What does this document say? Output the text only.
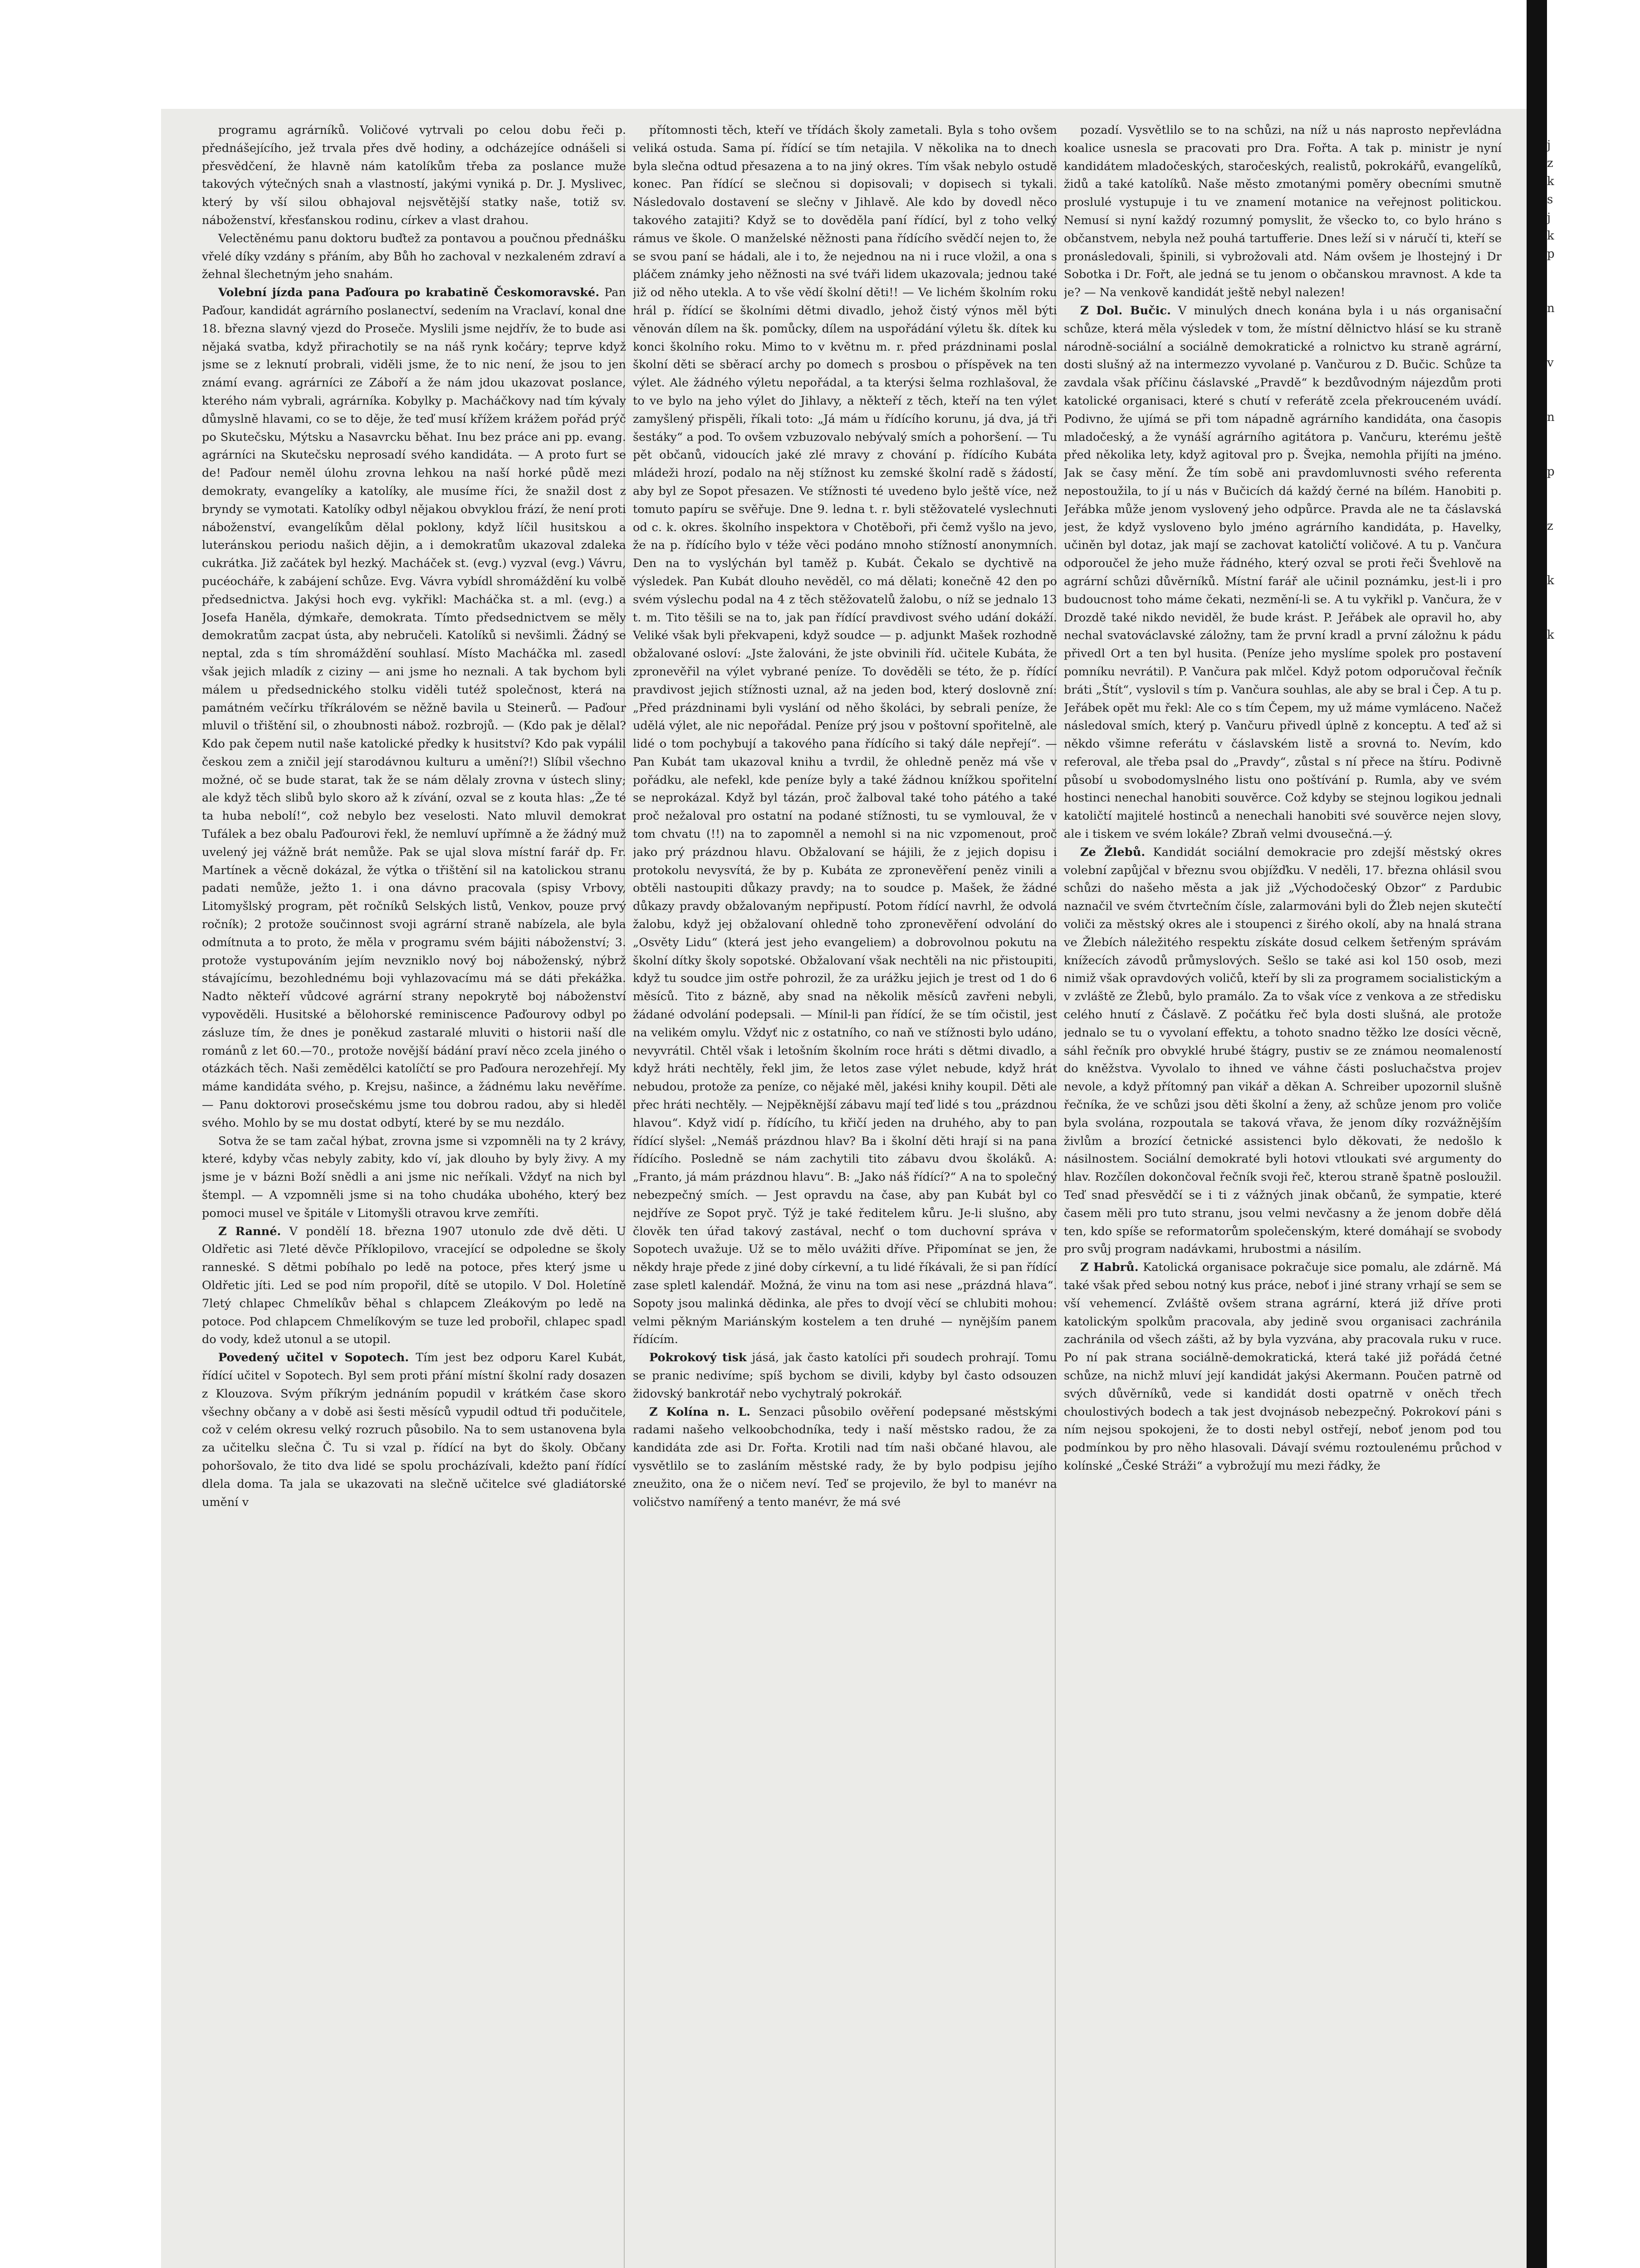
programu agrárníků. Voličové vytrvali po celou dobu řeči p. přednášejícího, jež trvala přes dvě hodiny, a odcházejíce odnášeli si přesvědčení, že hlavně nám katolíkům třeba za poslance muže takových výtečných snah a vlastností, jakými vyniká p. Dr. J. Myslivec, který by vší silou obhajoval nejsvětější statky naše, totiž sv. náboženství, křesťanskou rodinu, církev a vlast drahou.

Velectěnému panu doktoru buďtež za pontavou a poučnou přednášku vřelé díky vzdány s přáním, aby Bůh ho zachoval v nezkaleném zdraví a žehnal šlechetným jeho snahám.

Volební jízda pana Paďoura po krabatině Českomoravské. Pan Paďour, kandidát agrárního poslanectví, sedením na Vraclaví, konal dne 18. března slavný vjezd do Proseče. Myslili jsme nejdřív, že to bude asi nějaká svatba, když přirachotily se na náš rynk kočáry; teprve když jsme se z leknutí probrali, viděli jsme, že to nic není, že jsou to jen známí evang. agrárníci ze Záboří a že nám jdou ukazovat poslance, kterého nám vybrali, agrárníka. Kobylky p. Macháčkovy nad tím kývaly důmyslně hlavami, co se to děje, že teď musí křížem krážem pořád prýč po Skutečsku, Mýtsku a Nasavrcku běhat. Inu bez práce ani pp. evang. agrárníci na Skutečsku neprosadí svého kandidáta. — A proto furt se de! Paďour neměl úlohu zrovna lehkou na naší horké půdě mezi demokraty, evangelíky a katolíky, ale musíme říci, že snažil dost z bryndy se vymotati. Katolíky odbyl nějakou obvyklou frází, že není proti náboženství, evangelíkům dělal poklony, když líčil husitskou a luteránskou periodu našich dějin, a i demokratům ukazoval zdaleka cukrátka. Již začátek byl hezký. Macháček st. (evg.) vyzval (evg.) Vávru, pucéocháře, k zabájení schůze. Evg. Vávra vybídl shromáždění ku volbě předsednictva. Jakýsi hoch evg. vykřikl: Macháčka st. a ml. (evg.) a Josefa Haněla, dýmkaře, demokrata. Tímto předsednictvem se měly demokratům zacpat ústa, aby nebručeli. Katolíků si nevšimli. Žádný se neptal, zda s tím shromáždění souhlasí. Místo Macháčka ml. zasedl však jejich mladík z ciziny — ani jsme ho neznali. A tak bychom byli málem u předsednického stolku viděli tutéž společnost, která na památném večírku tříkrálovém se něžně bavila u Steinerů. — Paďour mluvil o třištění sil, o zhoubnosti nábož. rozbrojů. — (Kdo pak je dělal? Kdo pak čepem nutil naše katolické předky k husitství? Kdo pak vypálil českou zem a zničil její starodávnou kulturu a umění?!) Slíbil všechno možné, oč se bude starat, tak že se nám dělaly zrovna v ústech sliny; ale když těch slibů bylo skoro až k zívání, ozval se z kouta hlas: „Že té ta huba nebolí!“, což nebylo bez veselosti. Nato mluvil demokrat Tufálek a bez obalu Paďourovi řekl, že nemluví upřímně a že žádný muž uvelený jej vážně brát nemůže. Pak se ujal slova místní farář dp. Fr. Martínek a věcně dokázal, že výtka o třištění sil na katolickou stranu padati nemůže, ježto 1. i ona dávno pracovala (spisy Vrbovy, Litomyšlský program, pět ročníků Selských listů, Venkov, pouze prvý ročník); 2 protože součinnost svoji agrární straně nabízela, ale byla odmítnuta a to proto, že měla v programu svém bájiti náboženství; 3. protože vystupováním jejím nevzniklo nový boj náboženský, nýbrž stávajícímu, bezohlednému boji vyhlazovacímu má se dáti překážka. Nadto někteří vůdcové agrární strany nepokrytě boj náboženství vypověděli. Husitské a bělohorské reminiscence Paďourovy odbyl po zásluze tím, že dnes je poněkud zastaralé mluviti o historii naší dle románů z let 60.—70., protože novější bádání praví něco zcela jiného o otázkách těch. Naši zemědělci katolíčtí se pro Paďoura nerozehřejí. My máme kandidáta svého, p. Krejsu, našince, a žádnému laku nevěříme. — Panu doktorovi prosečskému jsme tou dobrou radou, aby si hleděl svého. Mohlo by se mu dostat odbytí, které by se mu nezdálo.

Sotva že se tam začal hýbat, zrovna jsme si vzpomněli na ty 2 krávy, které, kdyby včas nebyly zabity, kdo ví, jak dlouho by byly živy. A my jsme je v bázni Boží snědli a ani jsme nic neříkali. Vždyť na nich byl štempl. — A vzpomněli jsme si na toho chudáka ubohého, který bez pomoci musel ve špitále v Litomyšli otravou krve zemříti.

Z Ranné. V pondělí 18. března 1907 utonulo zde dvě děti. U Oldřetic asi 7leté děvče Příklopilovo, vracející se odpoledne se školy ranneské. S dětmi pobíhalo po ledě na potoce, přes který jsme u Oldřetic jíti. Led se pod ním propořil, dítě se utopilo. V Dol. Holetíně 7letý chlapec Chmelíkův běhal s chlapcem Zleákovým po ledě na potoce. Pod chlapcem Chmelíkovým se tuze led probořil, chlapec spadl do vody, kdež utonul a se utopil.

Povedený učitel v Sopotech. Tím jest bez odporu Karel Kubát, řídící učitel v Sopotech. Byl sem proti přání místní školní rady dosazen z Klouzova. Svým příkrým jednáním popudil v krátkém čase skoro všechny občany a v době asi šesti měsíců vypudil odtud tři podučitele, což v celém okresu velký rozruch působilo. Na to sem ustanovena byla za učitelku slečna Č. Tu si vzal p. řídící na byt do školy. Občany pohoršovalo, že tito dva lidé se spolu procházívali, kdežto paní řídící dlela doma. Ta jala se ukazovati na slečně učitelce své gladiátorské umění v

přítomnosti těch, kteří ve třídách školy zametali. Byla s toho ovšem veliká ostuda. Sama pí. řídící se tím netajila. V několika na to dnech byla slečna odtud přesazena a to na jiný okres. Tím však nebylo ostudě konec. Pan řídící se slečnou si dopisovali; v dopisech si tykali. Následovalo dostavení se slečny v Jihlavě. Ale kdo by dovedl něco takového zatajiti? Když se to dověděla paní řídící, byl z toho velký rámus ve škole. O manželské něžnosti pana řídícího svědčí nejen to, že se svou paní se hádali, ale i to, že nejednou na ni i ruce vložil, a ona s pláčem známky jeho něžnosti na své tváři lidem ukazovala; jednou také již od něho utekla. A to vše vědí školní děti!! — Ve lichém školním roku hrál p. řídící se školními dětmi divadlo, jehož čistý výnos měl býti věnován dílem na šk. pomůcky, dílem na uspořádání výletu šk. dítek ku konci školního roku. Mimo to v květnu m. r. před prázdninami poslal školní děti se sběrací archy po domech s prosbou o příspěvek na ten výlet. Ale žádného výletu nepořádal, a ta kterýsi šelma rozhlašoval, že to ve bylo na jeho výlet do Jihlavy, a někteří z těch, kteří na ten výlet zamyšlený přispěli, říkali toto: „Já mám u řídícího korunu, já dva, já tři šestáky“ a pod. To ovšem vzbuzovalo nebývalý smích a pohoršení. — Tu pět občanů, vidoucích jaké zlé mravy z chování p. řídícího Kubáta mládeži hrozí, podalo na něj stížnost ku zemské školní radě s žádostí, aby byl ze Sopot přesazen. Ve stížnosti té uvedeno bylo ještě více, než tomuto papíru se svěřuje. Dne 9. ledna t. r. byli stěžovatelé vyslechnuti od c. k. okres. školního inspektora v Chotěboři, při čemž vyšlo na jevo, že na p. řídícího bylo v téže věci podáno mnoho stížností anonymních. Den na to vyslýchán byl taměž p. Kubát. Čekalo se dychtivě na výsledek. Pan Kubát dlouho nevěděl, co má dělati; konečně 42 den po svém výslechu podal na 4 z těch stěžovatelů žalobu, o níž se jednalo 13 t. m. Tito těšili se na to, jak pan řídící pravdivost svého udání dokáží. Veliké však byli překvapeni, když soudce — p. adjunkt Mašek rozhodně obžalované osloví: „Jste žalováni, že jste obvinili říd. učitele Kubáta, že zpronevěřil na výlet vybrané peníze. To dověděli se této, že p. řídící pravdivost jejich stížnosti uznal, až na jeden bod, který doslovně zní: „Před prázdninami byli vyslání od něho školáci, by sebrali peníze, že udělá výlet, ale nic nepořádal. Peníze prý jsou v poštovní spořitelně, ale lidé o tom pochybují a takového pana řídícího si taký dále nepřejí“. — Pan Kubát tam ukazoval knihu a tvrdil, že ohledně peněz má vše v pořádku, ale nefekl, kde peníze byly a také žádnou knížkou spořitelní se neprokázal. Když byl tázán, proč žalboval také toho pátého a také proč nežaloval pro ostatní na podané stížnosti, tu se vymlouval, že v tom chvatu (!!) na to zapomněl a nemohl si na nic vzpomenout, proč jako prý prázdnou hlavu. Obžalovaní se hájili, že z jejich dopisu i protokolu nevysvítá, že by p. Kubáta ze zpronevěření peněz vinili a obtěli nastoupiti důkazy pravdy; na to soudce p. Mašek, že žádné důkazy pravdy obžalovaným nepřipustí. Potom řídící navrhl, že odvolá žalobu, když jej obžalovaní ohledně toho zpronevěření odvolání do „Osvěty Lidu“ (která jest jeho evangeliem) a dobrovolnou pokutu na školní dítky školy sopotské. Obžalovaní však nechtěli na nic přistoupiti, když tu soudce jim ostře pohrozil, že za urážku jejich je trest od 1 do 6 měsíců. Tito z bázně, aby snad na několik měsíců zavřeni nebyli, žádané odvolání podepsali. — Mínil-li pan řídící, že se tím očistil, jest na velikém omylu. Vždyť nic z ostatního, co naň ve stížnosti bylo udáno, nevyvrátil. Chtěl však i letošním školním roce hráti s dětmi divadlo, a když hráti nechtěly, řekl jim, že letos zase výlet nebude, když hrát nebudou, protože za peníze, co nějaké měl, jakési knihy koupil. Děti ale přec hráti nechtěly. — Nejpěknější zábavu mají teď lidé s tou „prázdnou hlavou“. Když vidí p. řídícího, tu křičí jeden na druhého, aby to pan řídící slyšel: „Nemáš prázdnou hlav? Ba i školní děti hrají si na pana řídícího. Posledně se nám zachytili tito zábavu dvou školáků. A: „Franto, já mám prázdnou hlavu“. B: „Jako náš řídící?“ A na to společný nebezpečný smích. — Jest opravdu na čase, aby pan Kubát byl co nejdříve ze Sopot pryč. Týž je také ředitelem kůru. Je-li slušno, aby člověk ten úřad takový zastával, nechť o tom duchovní správa v Sopotech uvažuje. Už se to mělo uvážiti dříve. Připomínat se jen, že někdy hraje přede z jiné doby církevní, a tu lidé říkávali, že si pan řídící zase spletl kalendář. Možná, že vinu na tom asi nese „prázdná hlava“. Sopoty jsou malinká dědinka, ale přes to dvojí věcí se chlubiti mohou: velmi pěkným Mariánským kostelem a ten druhé — nynějším panem řídícím.

Pokrokový tisk jásá, jak často katolíci při soudech prohrají. Tomu se pranic nedivíme; spíš bychom se divili, kdyby byl často odsouzen židovský bankrotář nebo vychytralý pokrokář.

Z Kolína n. L. Senzaci působilo ověření podepsané městskými radami našeho velkoobchodníka, tedy i naší městsko radou, že za kandidáta zde asi Dr. Fořta. Krotili nad tím naši občané hlavou, ale vysvětlilo se to zasláním městské rady, že by bylo podpisu jejího zneužito, ona že o ničem neví. Teď se projevilo, že byl to manévr na voličstvo namířený a tento manévr, že má své

pozadí. Vysvětlilo se to na schůzi, na níž u nás naprosto nepřevládna koalice usnesla se pracovati pro Dra. Fořta. A tak p. ministr je nyní kandidátem mladočeských, staročeských, realistů, pokrokářů, evangelíků, židů a také katolíků. Naše město zmotanými poměry obecními smutně proslulé vystupuje i tu ve znamení motanice na veřejnost politickou. Nemusí si nyní každý rozumný pomyslit, že všecko to, co bylo hráno s občanstvem, nebyla než pouhá tartufferie. Dnes leží si v náručí ti, kteří se pronásledovali, špinili, si vybrožovali atd. Nám ovšem je lhostejný i Dr Sobotka i Dr. Fořt, ale jedná se tu jenom o občanskou mravnost. A kde ta je? — Na venkově kandidát ještě nebyl nalezen!

Z Dol. Bučic. V minulých dnech konána byla i u nás organisační schůze, která měla výsledek v tom, že místní dělnictvo hlásí se ku straně národně-sociální a sociálně demokratické a rolnictvo ku straně agrární, dosti slušný až na intermezzo vyvolané p. Vančurou z D. Bučic. Schůze ta zavdala však příčinu čáslavské „Pravdě“ k bezdůvodným nájezdům proti katolické organisaci, které s chutí v referátě zcela překrouceném uvádí. Podivno, že ujímá se při tom nápadně agrárního kandidáta, ona časopis mladočeský, a že vynáší agrárního agitátora p. Vančuru, kterému ještě před několika lety, když agitoval pro p. Švejka, nemohla přijíti na jméno. Jak se časy mění. Že tím sobě ani pravdomluvnosti svého referenta nepostoužila, to jí u nás v Bučicích dá každý černé na bílém. Hanobiti p. Jeřábka může jenom vyslovený jeho odpůrce. Pravda ale ne ta čáslavská jest, že když vysloveno bylo jméno agrárního kandidáta, p. Havelky, učiněn byl dotaz, jak mají se zachovat katoličtí voličové. A tu p. Vančura odporoučel že jeho muže řádného, který ozval se proti řeči Švehlově na agrární schůzi důvěrníků. Místní farář ale učinil poznámku, jest-li i pro budoucnost toho máme čekati, nezmění-li se. A tu vykřikl p. Vančura, že v Drozdě také nikdo neviděl, že bude krást. P. Jeřábek ale opravil ho, aby nechal svatováclavské záložny, tam že první kradl a první záložnu k pádu přivedl Ort a ten byl husita. (Peníze jeho myslíme spolek pro postavení pomníku nevrátil). P. Vančura pak mlčel. Když potom odporučoval řečník bráti „Štít“, vyslovil s tím p. Vančura souhlas, ale aby se bral i Čep. A tu p. Jeřábek opět mu řekl: Ale co s tím Čepem, my už máme vymláceno. Načež následoval smích, který p. Vančuru přivedl úplně z konceptu. A teď až si někdo všimne referátu v čáslavském listě a srovná to. Nevím, kdo referoval, ale třeba psal do „Pravdy“, zůstal s ní přece na štíru. Podivně působí u svobodomyslného listu ono poštívání p. Rumla, aby ve svém hostinci nenechal hanobiti souvěrce. Což kdyby se stejnou logikou jednali katoličtí majitelé hostinců a nenechali hanobiti své souvěrce nejen slovy, ale i tiskem ve svém lokále? Zbraň velmi dvousečná.—ý.

Ze Žlebů. Kandidát sociální demokracie pro zdejší městský okres volební zapůjčal v březnu svou objížďku. V neděli, 17. března ohlásil svou schůzi do našeho města a jak již „Východočeský Obzor“ z Pardubic naznačil ve svém čtvrtečním čísle, zalarmováni byli do Žleb nejen skutečtí voliči za městský okres ale i stoupenci z širého okolí, aby na hnalá strana ve Žlebích náležitého respektu získáte dosud celkem šetřeným správám knížecích závodů průmyslových. Sešlo se také asi kol 150 osob, mezi nimiž však opravdových voličů, kteří by sli za programem socialistickým a v zvláště ze Žlebů, bylo pramálo. Za to však více z venkova a ze středisku celého hnutí z Čáslavě. Z počátku řeč byla dosti slušná, ale protože jednalo se tu o vyvolaní effektu, a tohoto snadno těžko lze dosíci věcně, sáhl řečník pro obvyklé hrubé štágry, pustiv se ze známou neomaleností do kněžstva. Vyvolalo to ihned ve váhne části posluchačstva projev nevole, a když přítomný pan vikář a děkan A. Schreiber upozornil slušně řečníka, že ve schůzi jsou děti školní a ženy, až schůze jenom pro voliče byla svolána, rozpoutala se taková vřava, že jenom díky rozvážnějším živlům a brozící četnické assistenci bylo děkovati, že nedošlo k násilnostem. Sociální demokraté byli hotovi vtloukati své argumenty do hlav. Rozčílen dokončoval řečník svoji řeč, kterou straně špatně posloužil. Teď snad přesvědčí se i ti z vážných jinak občanů, že sympatie, které časem měli pro tuto stranu, jsou velmi nevčasny a že jenom dobře dělá ten, kdo spíše se reformatorům společenským, které domáhají se svobody pro svůj program nadávkami, hrubostmi a násilím.

Z Habrů. Katolická organisace pokračuje sice pomalu, ale zdárně. Má také však před sebou notný kus práce, neboť i jiné strany vrhají se sem se vší vehemencí. Zvláště ovšem strana agrární, která již dříve proti katolickým spolkům pracovala, aby jedině svou organisaci zachránila zachránila od všech zášti, až by byla vyzvána, aby pracovala ruku v ruce. Po ní pak strana sociálně-demokratická, která také již pořádá četné schůze, na nichž mluví její kandidát jakýsi Akermann. Poučen patrně od svých důvěrníků, vede si kandidát dosti opatrně v oněch třech choulostivých bodech a tak jest dvojnásob nebezpečný. Pokrokoví páni s ním nejsou spokojeni, že to dosti nebyl ostřejí, neboť jenom pod tou podmínkou by pro něho hlasovali. Dávají svému roztoulenému průchod v kolínské „České Stráži“ a vybrožují mu mezi řádky, že

j
z
k
s
j
k
p
n
v
n
p
z
k
k
